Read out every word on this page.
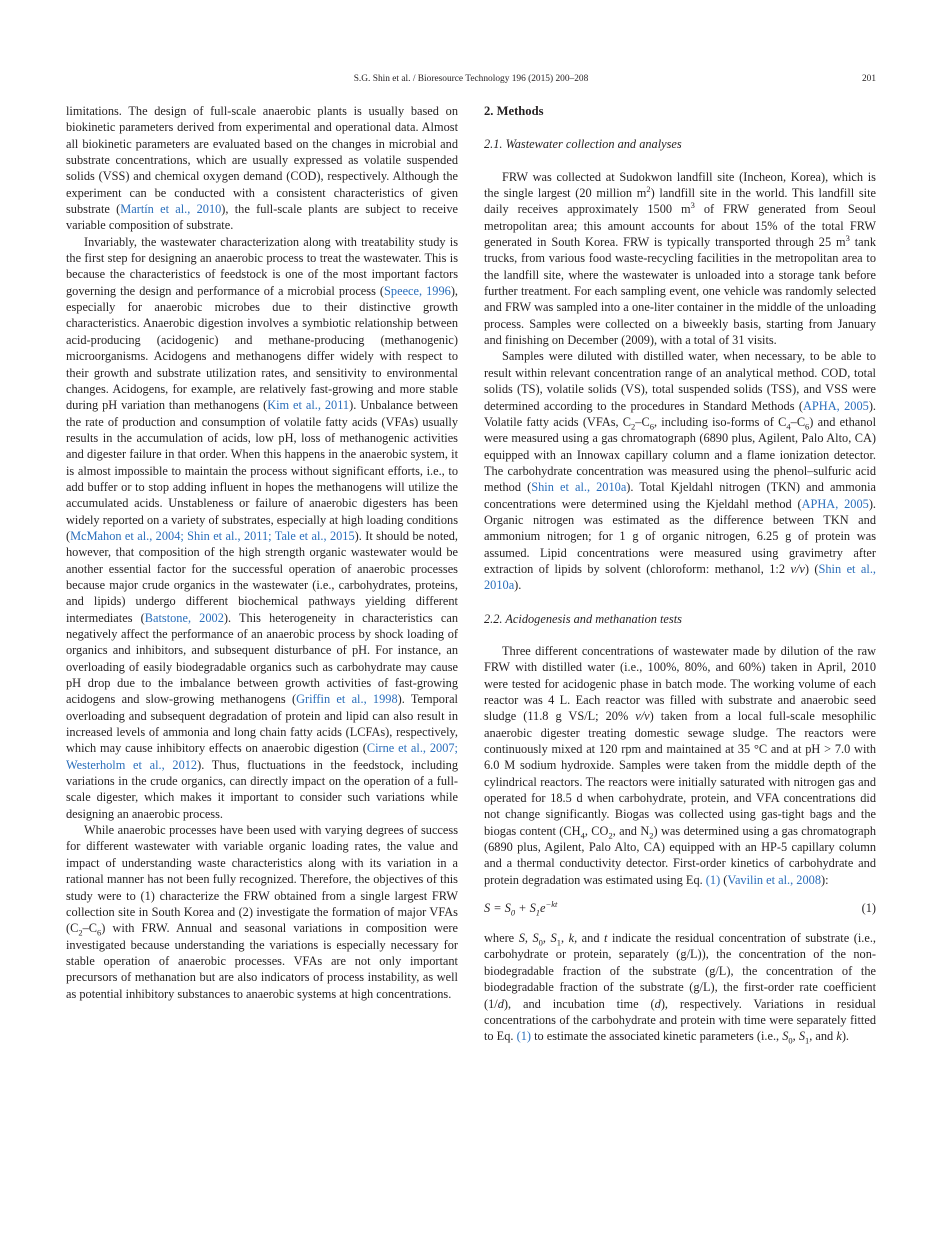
S.G. Shin et al. / Bioresource Technology 196 (2015) 200–208	201

limitations. The design of full-scale anaerobic plants is usually based on biokinetic parameters derived from experimental and operational data. Almost all biokinetic parameters are evaluated based on the changes in microbial and substrate concentrations, which are usually expressed as volatile suspended solids (VSS) and chemical oxygen demand (COD), respectively. Although the experiment can be conducted with a consistent characteristics of given substrate (Martín et al., 2010), the full-scale plants are subject to receive variable composition of substrate.

Invariably, the wastewater characterization along with treatability study is the first step for designing an anaerobic process to treat the wastewater. This is because the characteristics of feedstock is one of the most important factors governing the design and performance of a microbial process (Speece, 1996), especially for anaerobic microbes due to their distinctive growth characteristics. Anaerobic digestion involves a symbiotic relationship between acid-producing (acidogenic) and methane-producing (methanogenic) microorganisms. Acidogens and methanogens differ widely with respect to their growth and substrate utilization rates, and sensitivity to environmental changes. Acidogens, for example, are relatively fast-growing and more stable during pH variation than methanogens (Kim et al., 2011). Unbalance between the rate of production and consumption of volatile fatty acids (VFAs) usually results in the accumulation of acids, low pH, loss of methanogenic activities and digester failure in that order. When this happens in the anaerobic system, it is almost impossible to maintain the process without significant efforts, i.e., to add buffer or to stop adding influent in hopes the methanogens will utilize the accumulated acids. Unstableness or failure of anaerobic digesters has been widely reported on a variety of substrates, especially at high loading conditions (McMahon et al., 2004; Shin et al., 2011; Tale et al., 2015). It should be noted, however, that composition of the high strength organic wastewater would be another essential factor for the successful operation of anaerobic processes because major crude organics in the wastewater (i.e., carbohydrates, proteins, and lipids) undergo different biochemical pathways yielding different intermediates (Batstone, 2002). This heterogeneity in characteristics can negatively affect the performance of an anaerobic process by shock loading of organics and inhibitors, and subsequent disturbance of pH. For instance, an overloading of easily biodegradable organics such as carbohydrate may cause pH drop due to the imbalance between growth activities of fast-growing acidogens and slow-growing methanogens (Griffin et al., 1998). Temporal overloading and subsequent degradation of protein and lipid can also result in increased levels of ammonia and long chain fatty acids (LCFAs), respectively, which may cause inhibitory effects on anaerobic digestion (Cirne et al., 2007; Westerholm et al., 2012). Thus, fluctuations in the feedstock, including variations in the crude organics, can directly impact on the operation of a full-scale digester, which makes it important to consider such variations while designing an anaerobic process.

While anaerobic processes have been used with varying degrees of success for different wastewater with variable organic loading rates, the value and impact of understanding waste characteristics along with its variation in a rational manner has not been fully recognized. Therefore, the objectives of this study were to (1) characterize the FRW obtained from a single largest FRW collection site in South Korea and (2) investigate the formation of major VFAs $(C_2-C_6)$ with FRW. Annual and seasonal variations in composition were investigated because understanding the variations is especially necessary for stable operation of anaerobic processes. VFAs are not only important precursors of methanation but are also indicators of process instability, as well as potential inhibitory substances to anaerobic systems at high concentrations.

2. Methods
2.1. Wastewater collection and analyses

FRW was collected at Sudokwon landfill site (Incheon, Korea), which is the single largest (20 million $m^2$) landfill site in the world. This landfill site daily receives approximately 1500 $m^3$ of FRW generated from Seoul metropolitan area; this amount accounts for about 15% of the total FRW generated in South Korea. FRW is typically transported through 25 $m^3$ tank trucks, from various food waste-recycling facilities in the metropolitan area to the landfill site, where the wastewater is unloaded into a storage tank before further treatment. For each sampling event, one vehicle was randomly selected and FRW was sampled into a one-liter container in the middle of the unloading process. Samples were collected on a biweekly basis, starting from January and finishing on December (2009), with a total of 31 visits.

Samples were diluted with distilled water, when necessary, to be able to result within relevant concentration range of an analytical method. COD, total solids (TS), volatile solids (VS), total suspended solids (TSS), and VSS were determined according to the procedures in Standard Methods (APHA, 2005). Volatile fatty acids (VFAs, $C_2-C_6$, including iso-forms of $C_4-C_6$) and ethanol were measured using a gas chromatograph (6890 plus, Agilent, Palo Alto, CA) equipped with an Innowax capillary column and a flame ionization detector. The carbohydrate concentration was measured using the phenol–sulfuric acid method (Shin et al., 2010a). Total Kjeldahl nitrogen (TKN) and ammonia concentrations were determined using the Kjeldahl method (APHA, 2005). Organic nitrogen was estimated as the difference between TKN and ammonium nitrogen; for 1 g of organic nitrogen, 6.25 g of protein was assumed. Lipid concentrations were measured using gravimetry after extraction of lipids by solvent (chloroform: methanol, 1:2 v/v) (Shin et al., 2010a).

2.2. Acidogenesis and methanation tests

Three different concentrations of wastewater made by dilution of the raw FRW with distilled water (i.e., 100%, 80%, and 60%) taken in April, 2010 were tested for acidogenic phase in batch mode. The working volume of each reactor was 4 L. Each reactor was filled with substrate and anaerobic seed sludge (11.8 g VS/L; 20% v/v) taken from a local full-scale mesophilic anaerobic digester treating domestic sewage sludge. The reactors were continuously mixed at 120 rpm and maintained at 35 °C and at pH > 7.0 with 6.0 M sodium hydroxide. Samples were taken from the middle depth of the cylindrical reactors. The reactors were initially saturated with nitrogen gas and operated for 18.5 d when carbohydrate, protein, and VFA concentrations did not change significantly. Biogas was collected using gas-tight bags and the biogas content ($CH_4$, $CO_2$, and $N_2$) was determined using a gas chromatograph (6890 plus, Agilent, Palo Alto, CA) equipped with an HP-5 capillary column and a thermal conductivity detector. First-order kinetics of carbohydrate and protein degradation was estimated using Eq. (1) (Vavilin et al., 2008):

$S = S_0 + S_1e^{-kt}$	(1)

where S, $S_0$, $S_1$, k, and t indicate the residual concentration of substrate (i.e., carbohydrate or protein, separately (g/L)), the concentration of the non-biodegradable fraction of the substrate (g/L), the concentration of the biodegradable fraction of the substrate (g/L), the first-order rate coefficient (1/d), and incubation time (d), respectively. Variations in residual concentrations of the carbohydrate and protein with time were separately fitted to Eq. (1) to estimate the associated kinetic parameters (i.e., $S_0$, $S_1$, and k).
